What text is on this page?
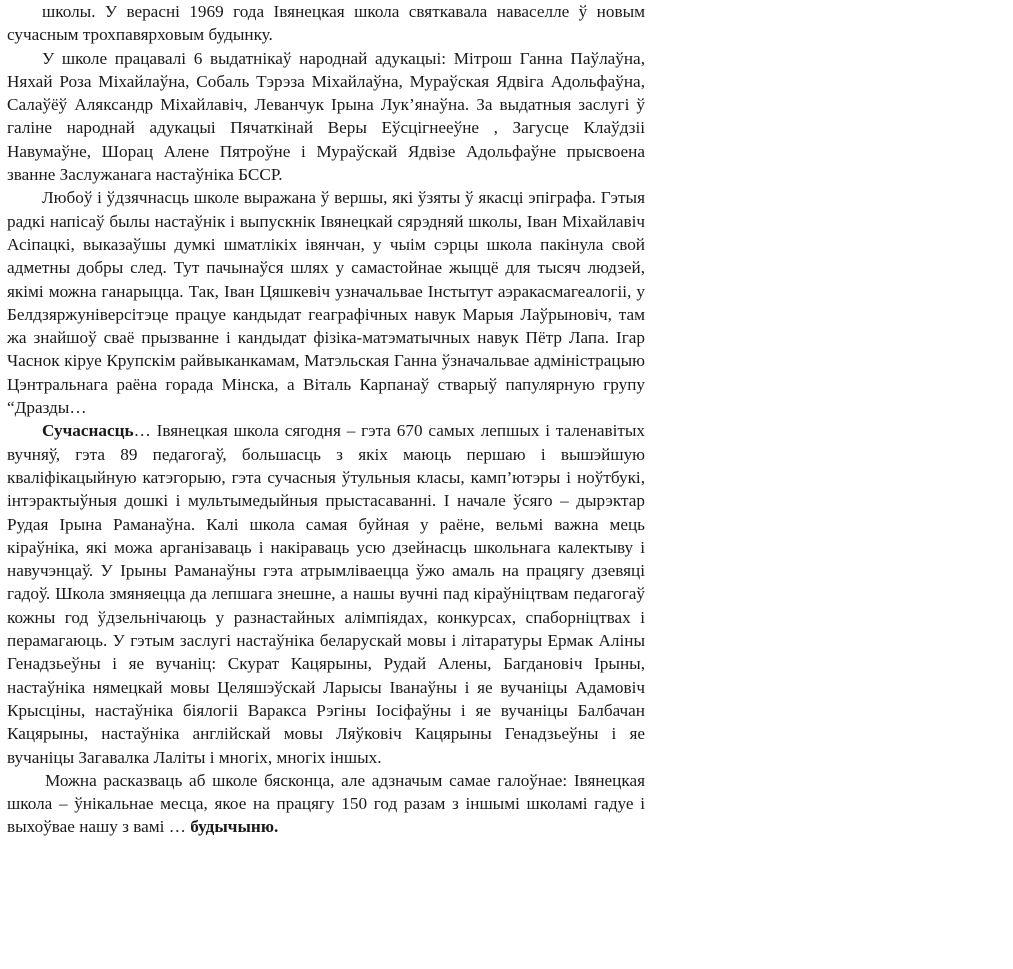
школы. У верасні 1969 года Івянецкая школа святкавала наваселле ў новым сучасным трохпавярховым будынку.

У школе працавалі 6 выдатнікаў народнай адукацыі: Мітрош Ганна Паўлаўна, Няхай Роза Міхайлаўна, Собаль Тэрэза Міхайлаўна, Мураўская Ядвіга Адольфаўна, Салаўёў Аляксандр Міхайлавіч, Леванчук Ірына Лук’янаўна. За выдатныя заслугі ў галіне народнай адукацыі Пячаткінай Веры Еўсцігнееўне , Загусце Клаўдзіі Навумаўне, Шорац Алене Пятроўне і Мураўскай Ядвізе Адольфаўне прысвоена званне Заслужанага настаўніка БССР.

Любоў і ўдзячнасць школе выражана ў вершы, які ўзяты ў якасці эпіграфа. Гэтыя радкі напісаў былы настаўнік і выпускнік Івянецкай сярэдняй школы, Іван Міхайлавіч Асіпацкі, выказаўшы думкі шматлікіх івянчан, у чыім сэрцы школа пакінула свой адметны добры след. Тут пачынаўся шлях у самастойнае жыццё для тысяч людзей, якімі можна ганарыцца. Так, Іван Цяшкевіч узначальвае Інстытут аэракасмагеалогіі, у Белдзяржуніверсітэце працуе кандыдат геаграфічных навук Марыя Лаўрыновіч, там жа знайшоў сваё прызванне і кандыдат фізіка-матэматычных навук Пётр Лапа. Ігар Часнок кіруе Крупскім райвыканкамам, Матэльская Ганна ўзначальвае адміністрацыю Цэнтральнага раёна горада Мінска, а Віталь Карпанаў стварыў папулярную групу “Дразды…

Сучаснасць… Івянецкая школа сягодня – гэта 670 самых лепшых і таленавітых вучняў, гэта 89 педагогаў, большасць з якіх маюць першаю і вышэйшую кваліфікацыйную катэгорыю, гэта сучасныя ўтульныя класы, камп’ютэры і ноўтбукі, інтэрактыўныя дошкі і мультымедыйныя прыстасаванні. І начале ўсяго – дырэктар Рудая Ірына Раманаўна. Калі школа самая буйная у раёне, вельмі важна мець кіраўніка, які можа арганізаваць і накіраваць усю дзейнасць школьнага калектыву і навучэнцаў. У Ірыны Раманаўны гэта атрымліваецца ўжо амаль на працягу дзевяці гадоў. Школа змяняецца да лепшага знешне, а нашы вучні пад кіраўніцтвам педагогаў кожны год ўдзельнічаюць у разнастайных алімпіядах, конкурсах, спаборніцтвах і перамагаюць. У гэтым заслугі настаўніка беларускай мовы і літаратуры Ермак Аліны Генадзьеўны і яе вучаніц: Скурат Кацярыны, Рудай Алены, Багдановіч Ірыны, настаўніка нямецкай мовы Целяшэўскай Ларысы Іванаўны і яе вучаніцы Адамовіч Крысціны, настаўніка біялогіі Варакса Рэгіны Іосіфаўны і яе вучаніцы Балбачан Кацярыны, настаўніка англійскай мовы Ляўковіч Кацярыны Генадзьеўны і яе вучаніцы Загавалка Лаліты і многіх, многіх іншых.

Можна расказваць аб школе бясконца, але адзначым самае галоўнае: Івянецкая школа – ўнікальнае месца, якое на працягу 150 год разам з іншымі школамі гадуе і выхоўвае нашу з вамі … будычыню.
